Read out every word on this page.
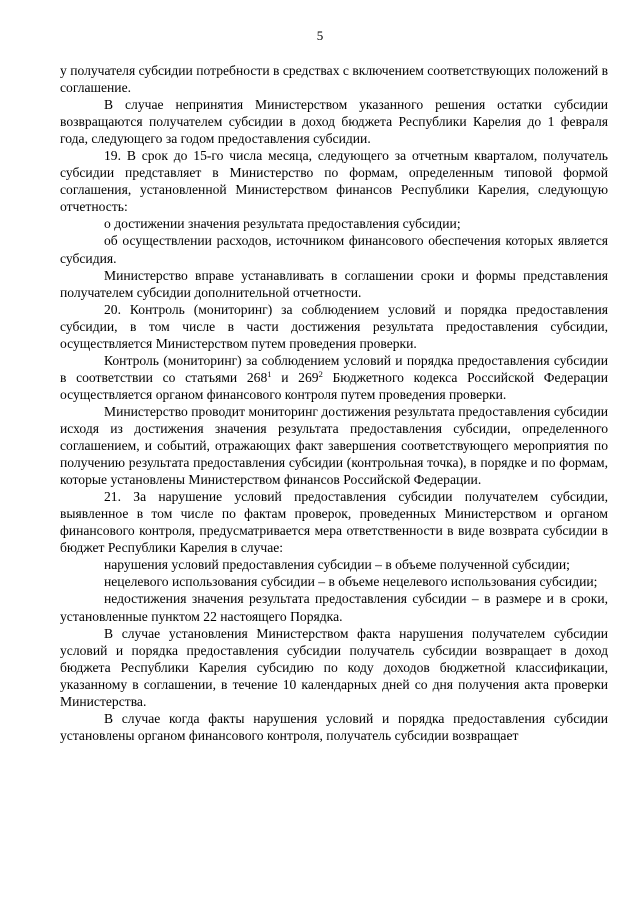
5

у получателя субсидии потребности в средствах с включением соответствующих положений в соглашение.

В случае непринятия Министерством указанного решения остатки субсидии возвращаются получателем субсидии в доход бюджета Республики Карелия до 1 февраля года, следующего за годом предоставления субсидии.

19. В срок до 15-го числа месяца, следующего за отчетным кварталом, получатель субсидии представляет в Министерство по формам, определенным типовой формой соглашения, установленной Министерством финансов Республики Карелия, следующую отчетность:

о достижении значения результата предоставления субсидии;

об осуществлении расходов, источником финансового обеспечения которых является субсидия.

Министерство вправе устанавливать в соглашении сроки и формы представления получателем субсидии дополнительной отчетности.

20. Контроль (мониторинг) за соблюдением условий и порядка предоставления субсидии, в том числе в части достижения результата предоставления субсидии, осуществляется Министерством путем проведения проверки.

Контроль (мониторинг) за соблюдением условий и порядка предоставления субсидии в соответствии со статьями $268^1$ и $269^2$ Бюджетного кодекса Российской Федерации осуществляется органом финансового контроля путем проведения проверки.

Министерство проводит мониторинг достижения результата предоставления субсидии исходя из достижения значения результата предоставления субсидии, определенного соглашением, и событий, отражающих факт завершения соответствующего мероприятия по получению результата предоставления субсидии (контрольная точка), в порядке и по формам, которые установлены Министерством финансов Российской Федерации.

21. За нарушение условий предоставления субсидии получателем субсидии, выявленное в том числе по фактам проверок, проведенных Министерством и органом финансового контроля, предусматривается мера ответственности в виде возврата субсидии в бюджет Республики Карелия в случае:

нарушения условий предоставления субсидии – в объеме полученной субсидии;

нецелевого использования субсидии – в объеме нецелевого использования субсидии;

недостижения значения результата предоставления субсидии – в размере и в сроки, установленные пунктом 22 настоящего Порядка.

В случае установления Министерством факта нарушения получателем субсидии условий и порядка предоставления субсидии получатель субсидии возвращает в доход бюджета Республики Карелия субсидию по коду доходов бюджетной классификации, указанному в соглашении, в течение 10 календарных дней со дня получения акта проверки Министерства.

В случае когда факты нарушения условий и порядка предоставления субсидии установлены органом финансового контроля, получатель субсидии возвращает
